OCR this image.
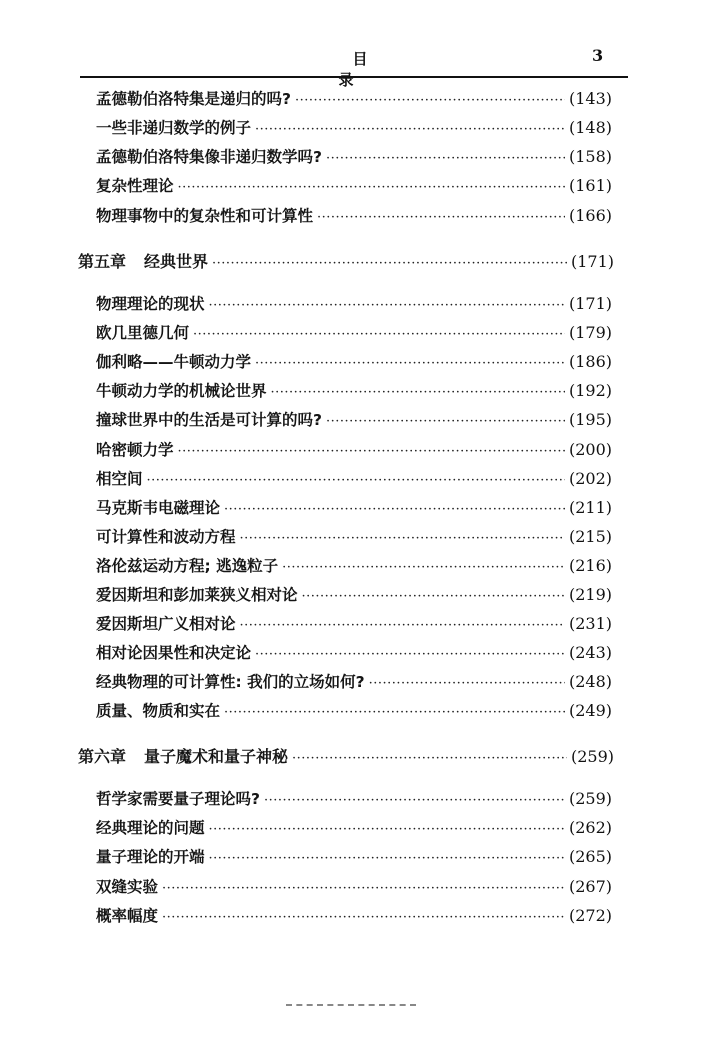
目　录
3
孟德勒伯洛特集是递归的吗? ·····	(143)
一些非递归数学的例子 ·····	(148)
孟德勒伯洛特集像非递归数学吗? ·····	(158)
复杂性理论 ·····	(161)
物理事物中的复杂性和可计算性 ·····	(166)
第五章 经典世界 ·····	(171)
物理理论的现状 ·····	(171)
欧几里德几何 ·····	(179)
伽利略——牛顿动力学 ·····	(186)
牛顿动力学的机械论世界 ·····	(192)
撞球世界中的生活是可计算的吗? ·····	(195)
哈密顿力学 ·····	(200)
相空间 ·····	(202)
马克斯韦电磁理论 ·····	(211)
可计算性和波动方程 ·····	(215)
洛伦兹运动方程; 逃逸粒子 ·····	(216)
爱因斯坦和彭加莱狭义相对论 ·····	(219)
爱因斯坦广义相对论 ·····	(231)
相对论因果性和决定论 ·····	(243)
经典物理的可计算性: 我们的立场如何? ·····	(248)
质量、物质和实在 ·····	(249)
第六章 量子魔术和量子神秘 ·····	(259)
哲学家需要量子理论吗? ·····	(259)
经典理论的问题 ·····	(262)
量子理论的开端 ·····	(265)
双缝实验 ·····	(267)
概率幅度 ·····	(272)
